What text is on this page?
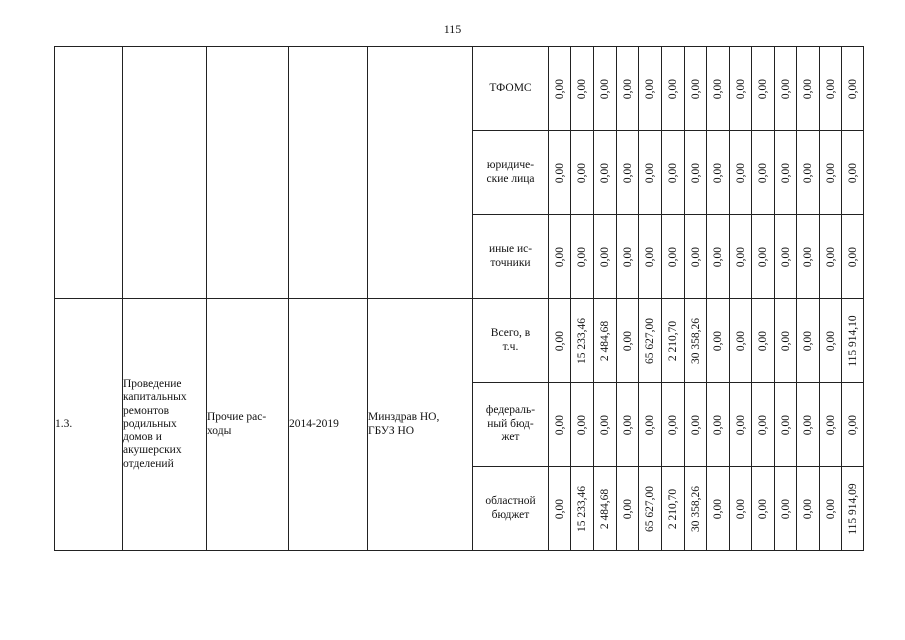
115
					ТФОМС	0,00	0,00	0,00	0,00	0,00	0,00	0,00	0,00	0,00	0,00	0,00	0,00	0,00	0,00

					юридиче-
ские лица	0,00	0,00	0,00	0,00	0,00	0,00	0,00	0,00	0,00	0,00	0,00	0,00	0,00	0,00

					иные ис-
точники	0,00	0,00	0,00	0,00	0,00	0,00	0,00	0,00	0,00	0,00	0,00	0,00	0,00	0,00

1.3.	Проведение капитальных ремонтов родильных домов и акушерских отделений	Прочие рас-
ходы	2014-2019	Минздрав НО,
ГБУЗ НО	Всего, в
т.ч.	0,00	15 233,46	2 484,68	0,00	65 627,00	2 210,70	30 358,26	0,00	0,00	0,00	0,00	0,00	0,00	115 914,10

					федераль-
ный бюд-
жет	0,00	0,00	0,00	0,00	0,00	0,00	0,00	0,00	0,00	0,00	0,00	0,00	0,00	0,00

					областной
бюджет	0,00	15 233,46	2 484,68	0,00	65 627,00	2 210,70	30 358,26	0,00	0,00	0,00	0,00	0,00	0,00	115 914,09
